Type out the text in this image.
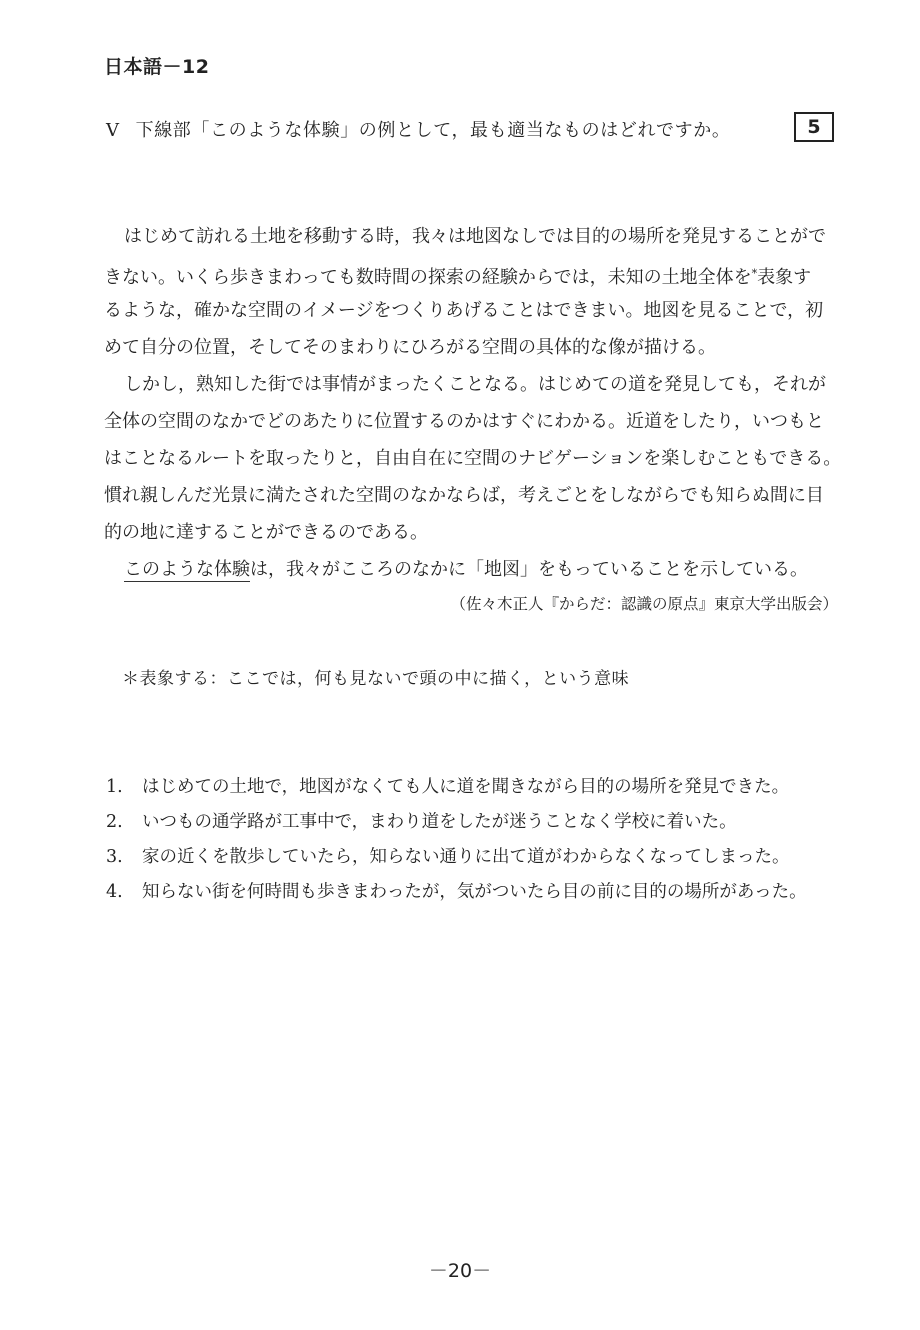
日本語－12
V 下線部「このような体験」の例として，最も適当なものはどれですか。	5
はじめて訪れる土地を移動する時，我々は地図なしでは目的の場所を発見することがで
きない。いくら歩きまわっても数時間の探索の経験からでは，未知の土地全体を*表象す
るような，確かな空間のイメージをつくりあげることはできまい。地図を見ることで，初
めて自分の位置，そしてそのまわりにひろがる空間の具体的な像が描ける。
しかし，熟知した街では事情がまったくことなる。はじめての道を発見しても，それが
全体の空間のなかでどのあたりに位置するのかはすぐにわかる。近道をしたり，いつもと
はことなるルートを取ったりと，自由自在に空間のナビゲーションを楽しむこともできる。
慣れ親しんだ光景に満たされた空間のなかならば，考えごとをしながらでも知らぬ間に目
的の地に達することができるのである。
このような体験は，我々がこころのなかに「地図」をもっていることを示している。
（佐々木正人『からだ：認識の原点』東京大学出版会）
＊表象する：ここでは，何も見ないで頭の中に描く，という意味
1. はじめての土地で，地図がなくても人に道を聞きながら目的の場所を発見できた。
2. いつもの通学路が工事中で，まわり道をしたが迷うことなく学校に着いた。
3. 家の近くを散歩していたら，知らない通りに出て道がわからなくなってしまった。
4. 知らない街を何時間も歩きまわったが，気がついたら目の前に目的の場所があった。
－20－
